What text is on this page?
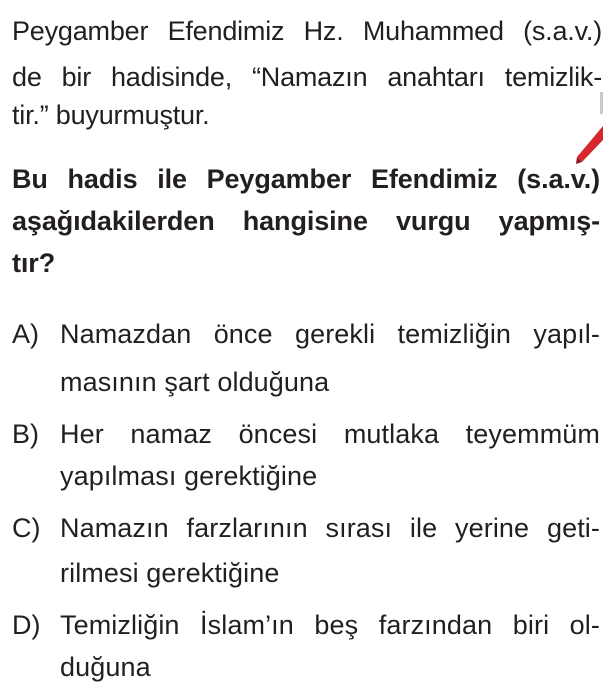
Peygamber Efendimiz Hz. Muhammed (s.a.v.)
de bir hadisinde, “Namazın anahtarı temizlik-
tir.” buyurmuştur.
Bu hadis ile Peygamber Efendimiz (s.a.v.)
aşağıdakilerden hangisine vurgu yapmış-
tır?
A) Namazdan önce gerekli temizliğin yapıl-
masının şart olduğuna
B) Her namaz öncesi mutlaka teyemmüm
yapılması gerektiğine
C) Namazın farzlarının sırası ile yerine geti-
rilmesi gerektiğine
D) Temizliğin İslam’ın beş farzından biri ol-
duğuna
